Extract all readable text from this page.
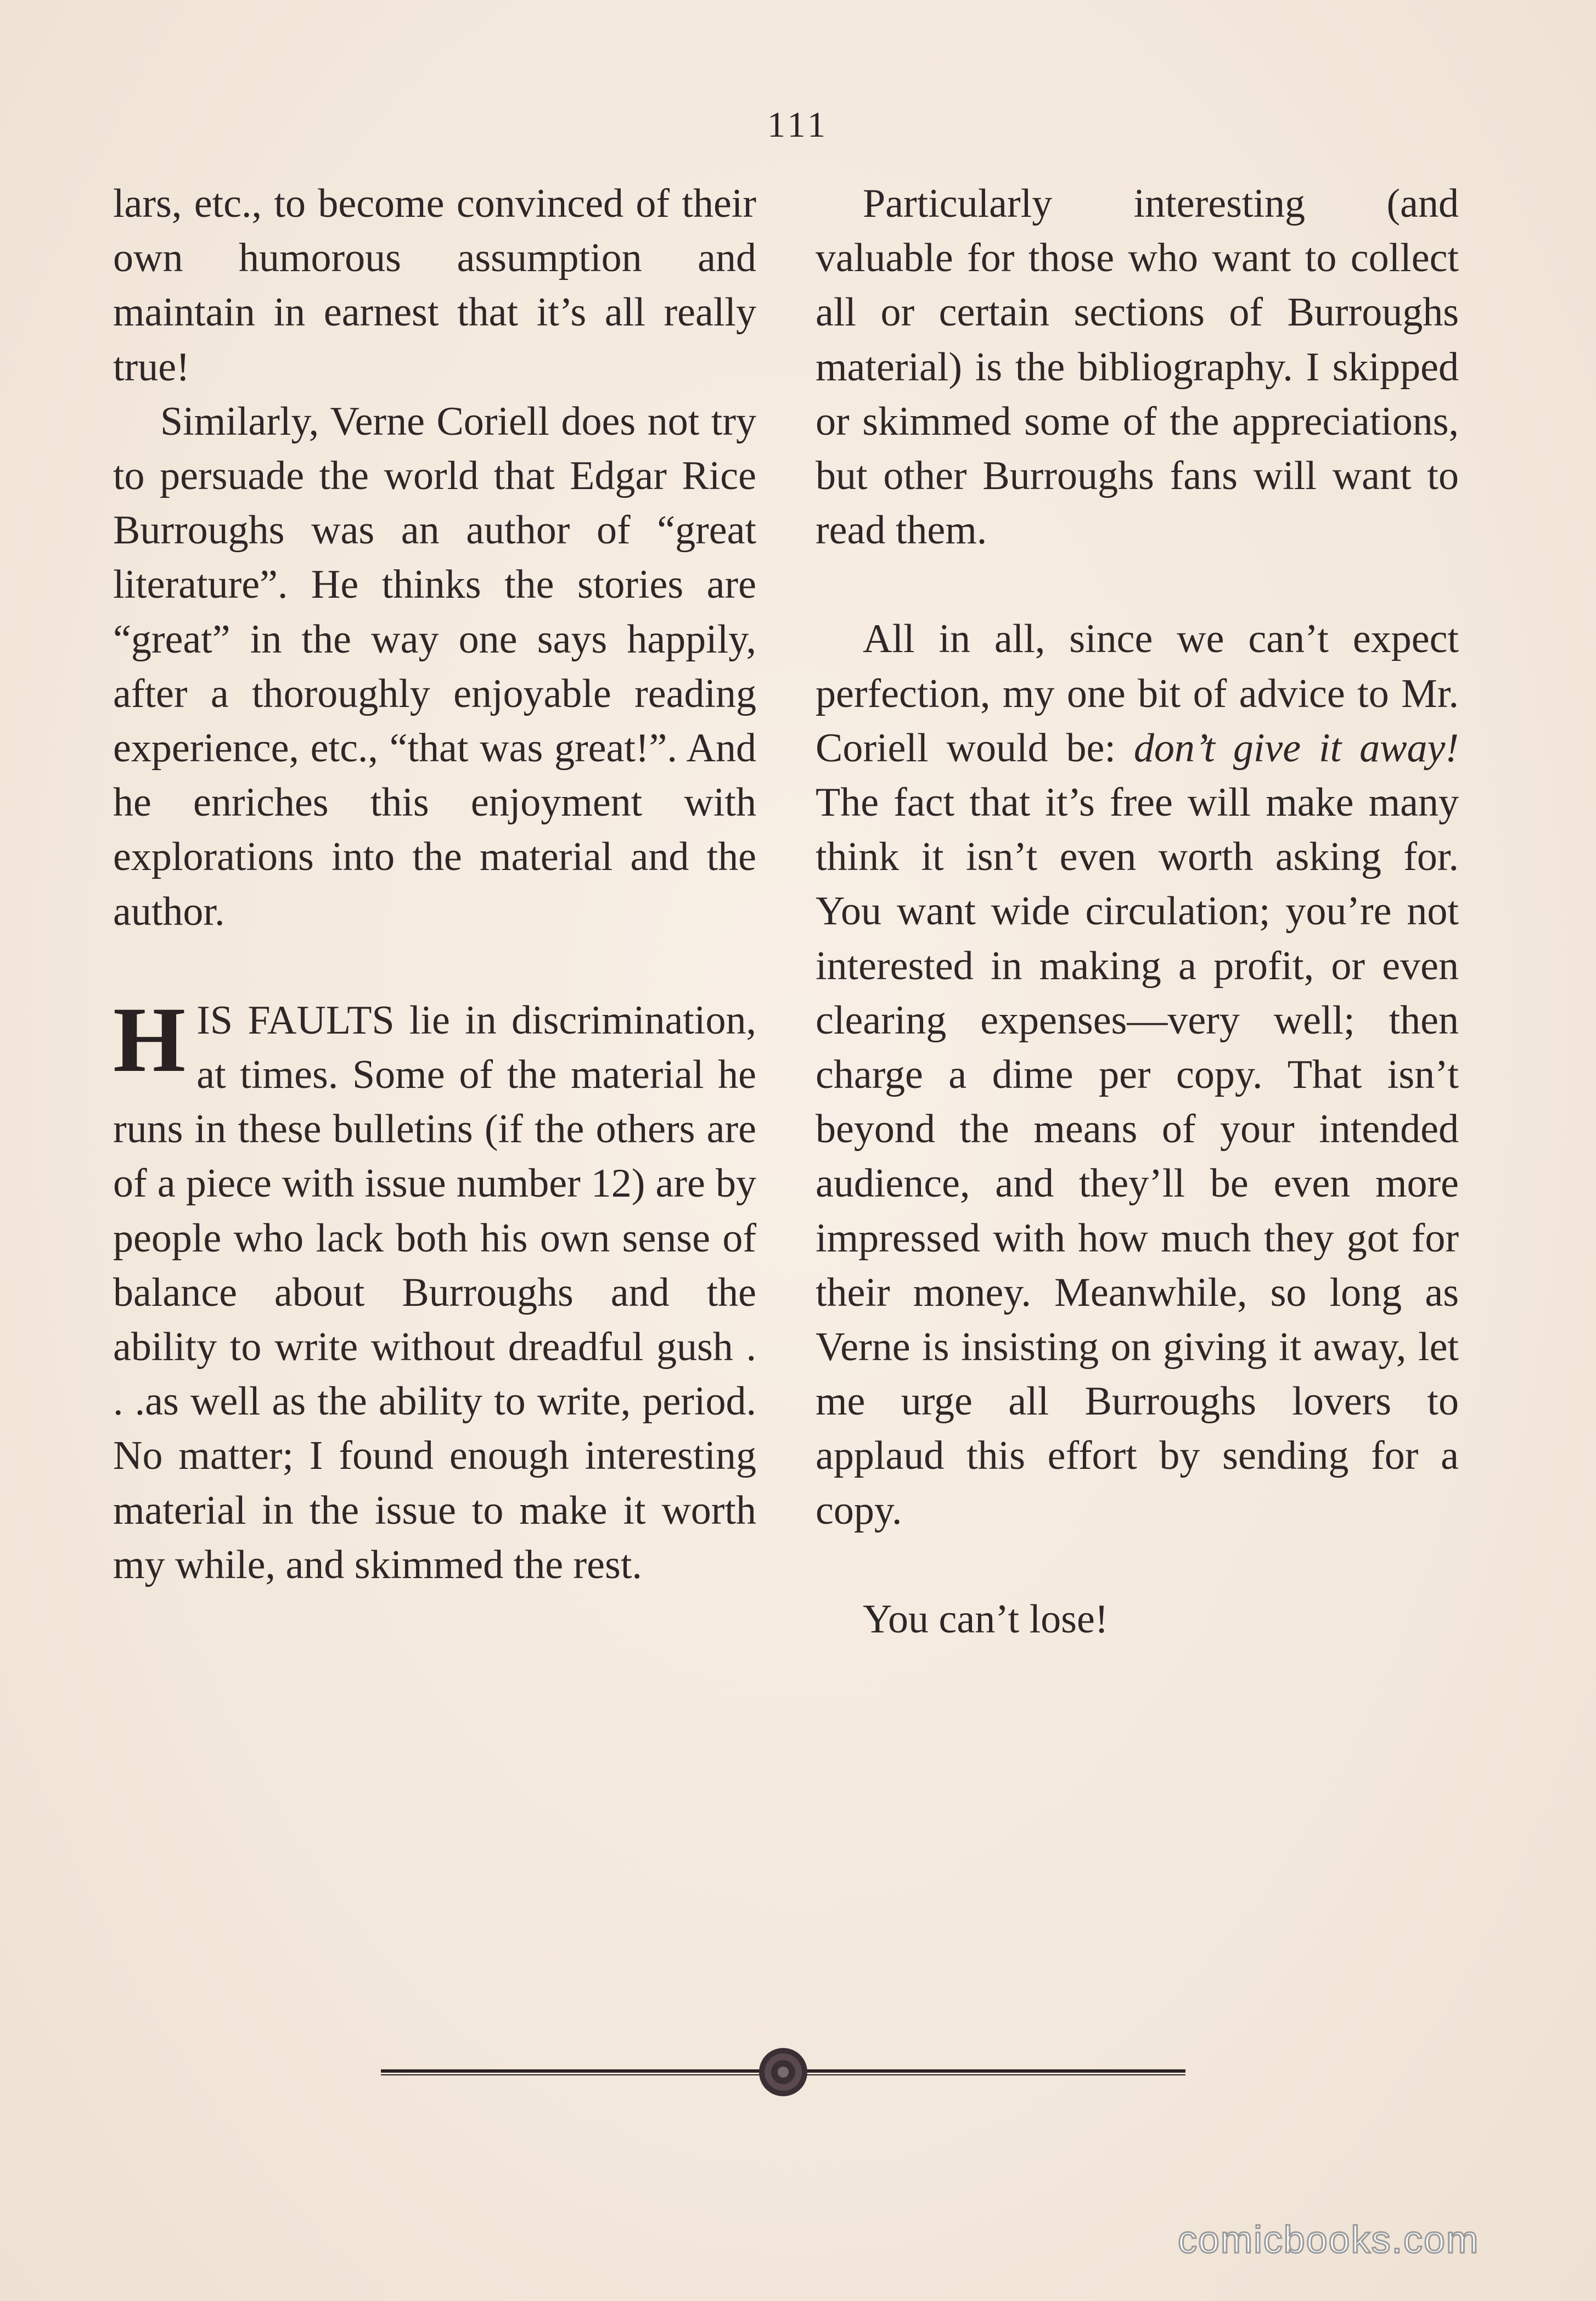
111

lars, etc., to become convinced of their own humorous assumption and maintain in earnest that it’s all really true!

Similarly, Verne Coriell does not try to persuade the world that Edgar Rice Burroughs was an author of “great literature”. He thinks the stories are “great” in the way one says happily, after a thoroughly enjoyable reading experience, etc., “that was great!”. And he enriches this enjoyment with explorations into the material and the author.

HIS FAULTS lie in discrimination, at times. Some of the material he runs in these bulletins (if the others are of a piece with issue number 12) are by people who lack both his own sense of balance about Burroughs and the ability to write without dreadful gush . . .as well as the ability to write, period. No matter; I found enough interesting material in the issue to make it worth my while, and skimmed the rest.

Particularly interesting (and valuable for those who want to collect all or certain sections of Burroughs material) is the bibliography. I skipped or skimmed some of the appreciations, but other Burroughs fans will want to read them.

All in all, since we can’t expect perfection, my one bit of advice to Mr. Coriell would be: don’t give it away! The fact that it’s free will make many think it isn’t even worth asking for. You want wide circulation; you’re not interested in making a profit, or even clearing expenses—very well; then charge a dime per copy. That isn’t beyond the means of your intended audience, and they’ll be even more impressed with how much they got for their money. Meanwhile, so long as Verne is insisting on giving it away, let me urge all Burroughs lovers to applaud this effort by sending for a copy.

You can’t lose!

comicbooks.com
